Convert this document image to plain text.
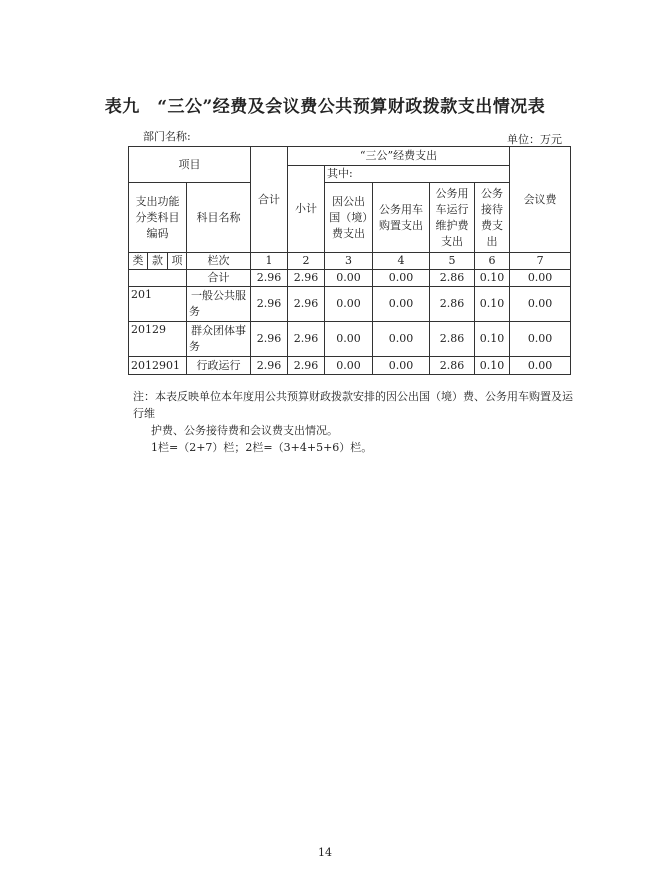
表九　“三公”经费及会议费公共预算财政拨款支出情况表
部门名称:	单位：万元
项目				合计	“三公”经费支出					会议费
					小计	其中:				
支出功能分类科目编码			科目名称			因公出国（境）费支出	公务用车购置支出	公务用车运行维护费支出	公务接待费支出	
类	款	项	栏次	1	2	3	4	5	6	7
			合计	2.96	2.96	0.00	0.00	2.86	0.10	0.00
201			一般公共服务	2.96	2.96	0.00	0.00	2.86	0.10	0.00
20129			群众团体事务	2.96	2.96	0.00	0.00	2.86	0.10	0.00
2012901			行政运行	2.96	2.96	0.00	0.00	2.86	0.10	0.00
注：本表反映单位本年度用公共预算财政拨款安排的因公出国（境）费、公务用车购置及运行维
护费、公务接待费和会议费支出情况。
1栏=（2+7）栏；2栏=（3+4+5+6）栏。
14
